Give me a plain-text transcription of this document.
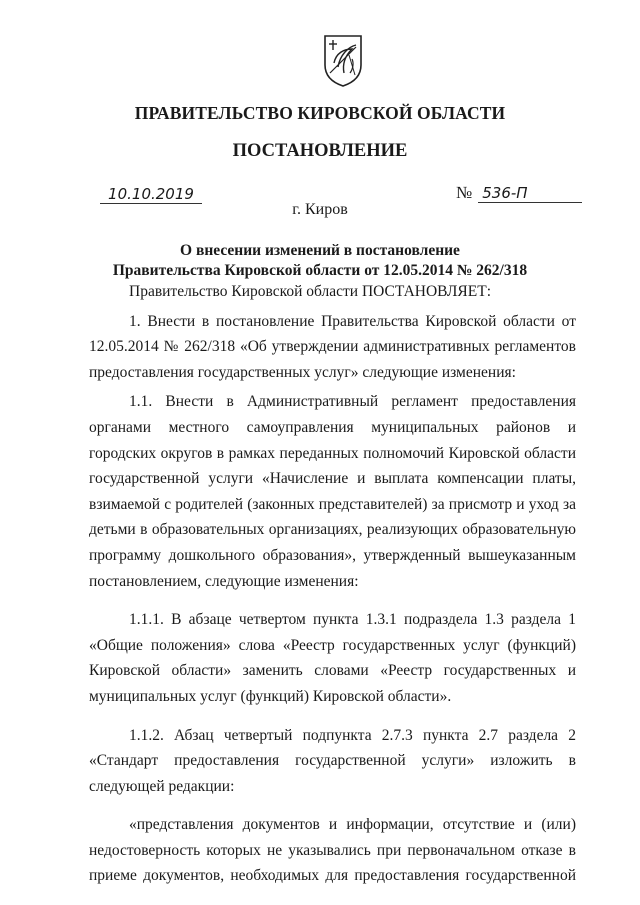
ПРАВИТЕЛЬСТВО КИРОВСКОЙ ОБЛАСТИ
ПОСТАНОВЛЕНИЕ
10.10.2019	№ 536-П
г. Киров
О внесении изменений в постановление
Правительства Кировской области от 12.05.2014 № 262/318

Правительство Кировской области ПОСТАНОВЛЯЕТ:

1. Внести в постановление Правительства Кировской области от 12.05.2014 № 262/318 «Об утверждении административных регламентов предоставления государственных услуг» следующие изменения:

1.1. Внести в Административный регламент предоставления органами местного самоуправления муниципальных районов и городских округов в рамках переданных полномочий Кировской области государственной услуги «Начисление и выплата компенсации платы, взимаемой с родителей (законных представителей) за присмотр и уход за детьми в образовательных организациях, реализующих образовательную программу дошкольного образования», утвержденный вышеуказанным постановлением, следующие изменения:

1.1.1. В абзаце четвертом пункта 1.3.1 подраздела 1.3 раздела 1 «Общие положения» слова «Реестр государственных услуг (функций) Кировской области» заменить словами «Реестр государственных и муниципальных услуг (функций) Кировской области».

1.1.2. Абзац четвертый подпункта 2.7.3 пункта 2.7 раздела 2 «Стандарт предоставления государственной услуги» изложить в следующей редакции:

«представления документов и информации, отсутствие и (или) недостоверность которых не указывались при первоначальном отказе в приеме документов, необходимых для предоставления государственной
